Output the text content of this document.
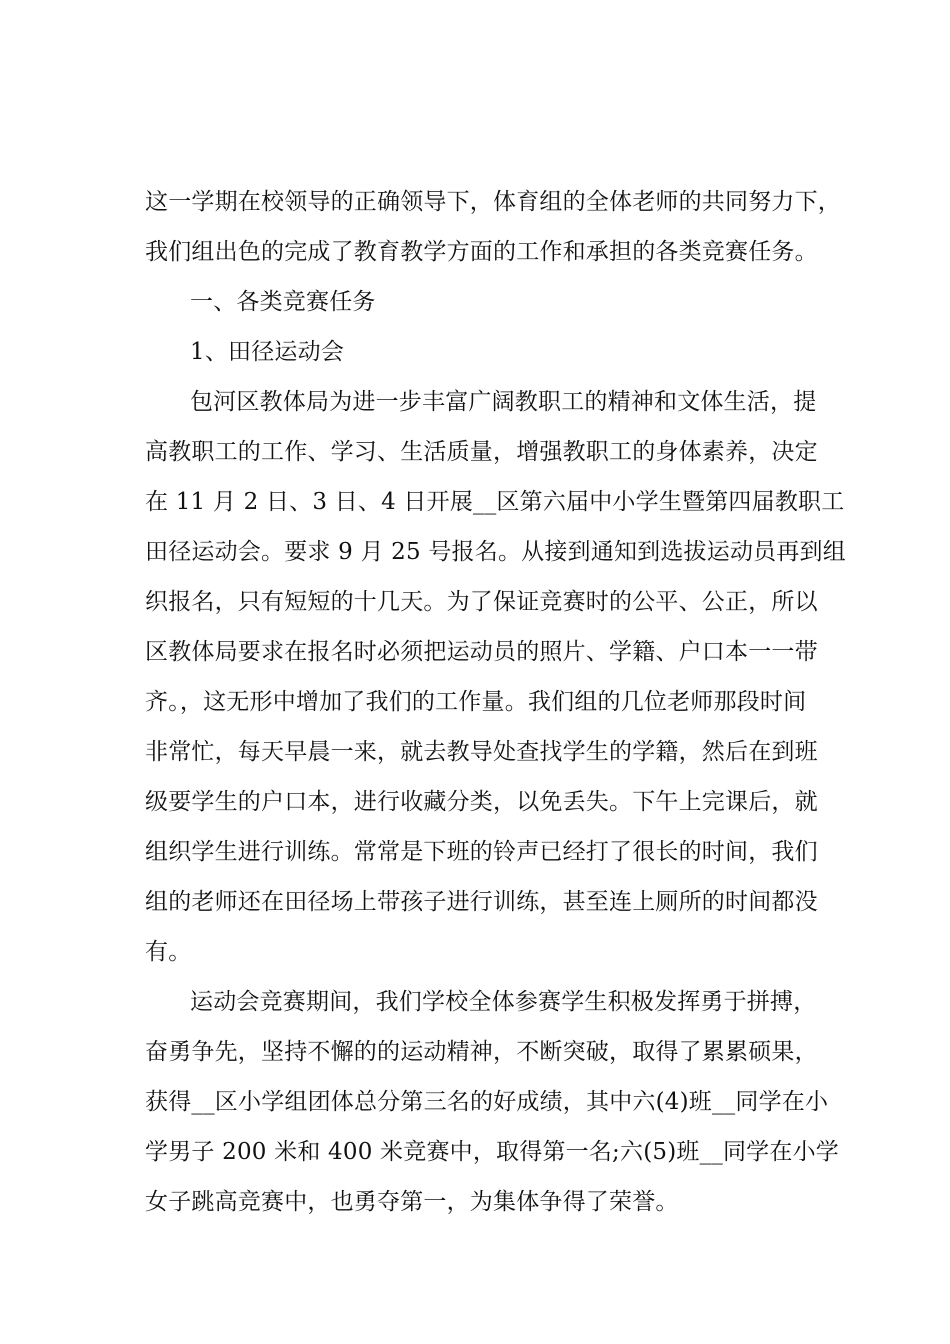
这一学期在校领导的正确领导下，体育组的全体老师的共同努力下，
我们组出色的完成了教育教学方面的工作和承担的各类竞赛任务。
一、各类竞赛任务
1、田径运动会
包河区教体局为进一步丰富广阔教职工的精神和文体生活，提
高教职工的工作、学习、生活质量，增强教职工的身体素养，决定
在 11 月 2 日、3 日、4 日开展__区第六届中小学生暨第四届教职工
田径运动会。要求 9 月 25 号报名。从接到通知到选拔运动员再到组
织报名，只有短短的十几天。为了保证竞赛时的公平、公正，所以
区教体局要求在报名时必须把运动员的照片、学籍、户口本一一带
齐。，这无形中增加了我们的工作量。我们组的几位老师那段时间
非常忙，每天早晨一来，就去教导处查找学生的学籍，然后在到班
级要学生的户口本，进行收藏分类，以免丢失。下午上完课后，就
组织学生进行训练。常常是下班的铃声已经打了很长的时间，我们
组的老师还在田径场上带孩子进行训练，甚至连上厕所的时间都没
有。
运动会竞赛期间，我们学校全体参赛学生积极发挥勇于拼搏，
奋勇争先，坚持不懈的的运动精神，不断突破，取得了累累硕果，
获得__区小学组团体总分第三名的好成绩，其中六(4)班__同学在小
学男子 200 米和 400 米竞赛中，取得第一名;六(5)班__同学在小学
女子跳高竞赛中，也勇夺第一，为集体争得了荣誉。
